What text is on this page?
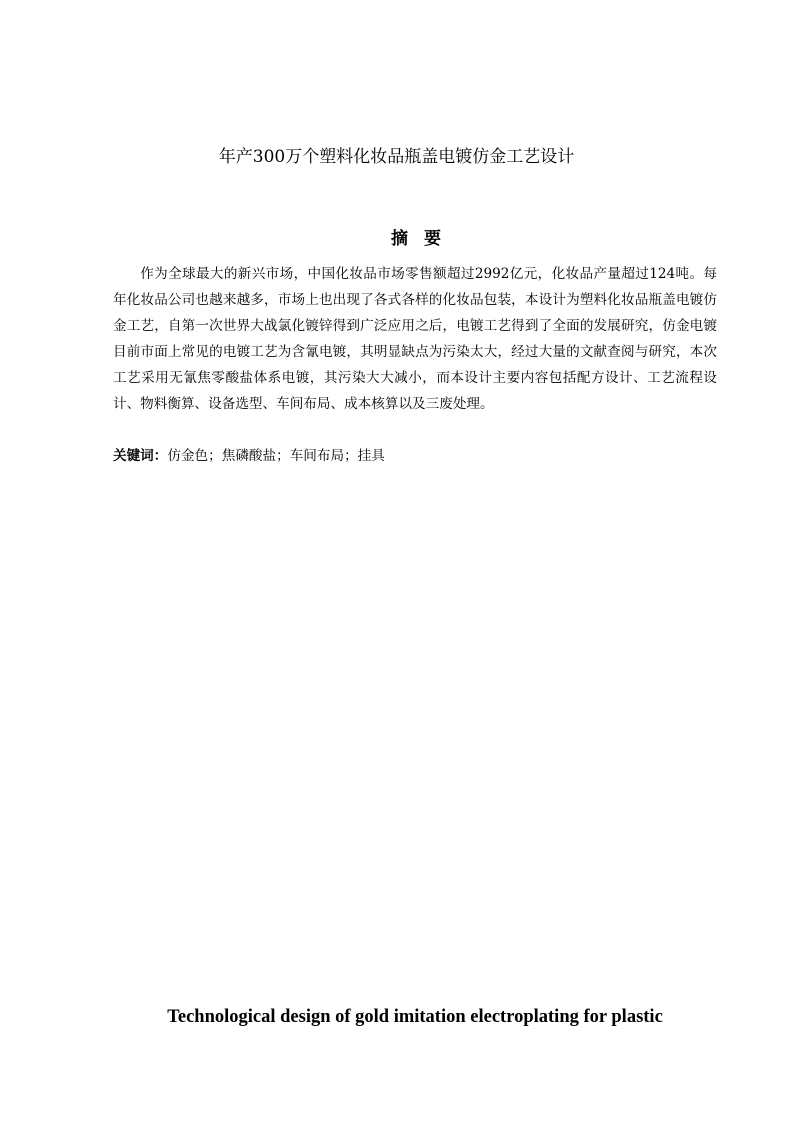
年产300万个塑料化妆品瓶盖电镀仿金工艺设计
摘要

作为全球最大的新兴市场，中国化妆品市场零售额超过2992亿元，化妆品产量超过124吨。每年化妆品公司也越来越多，市场上也出现了各式各样的化妆品包装，本设计为塑料化妆品瓶盖电镀仿金工艺，自第一次世界大战氯化镀锌得到广泛应用之后，电镀工艺得到了全面的发展研究，仿金电镀目前市面上常见的电镀工艺为含氰电镀，其明显缺点为污染太大，经过大量的文献查阅与研究，本次工艺采用无氰焦零酸盐体系电镀，其污染大大减小，而本设计主要内容包括配方设计、工艺流程设计、物料衡算、设备选型、车间布局、成本核算以及三废处理。

关键词：仿金色；焦磷酸盐；车间布局；挂具

Technological design of gold imitation electroplating for plastic
